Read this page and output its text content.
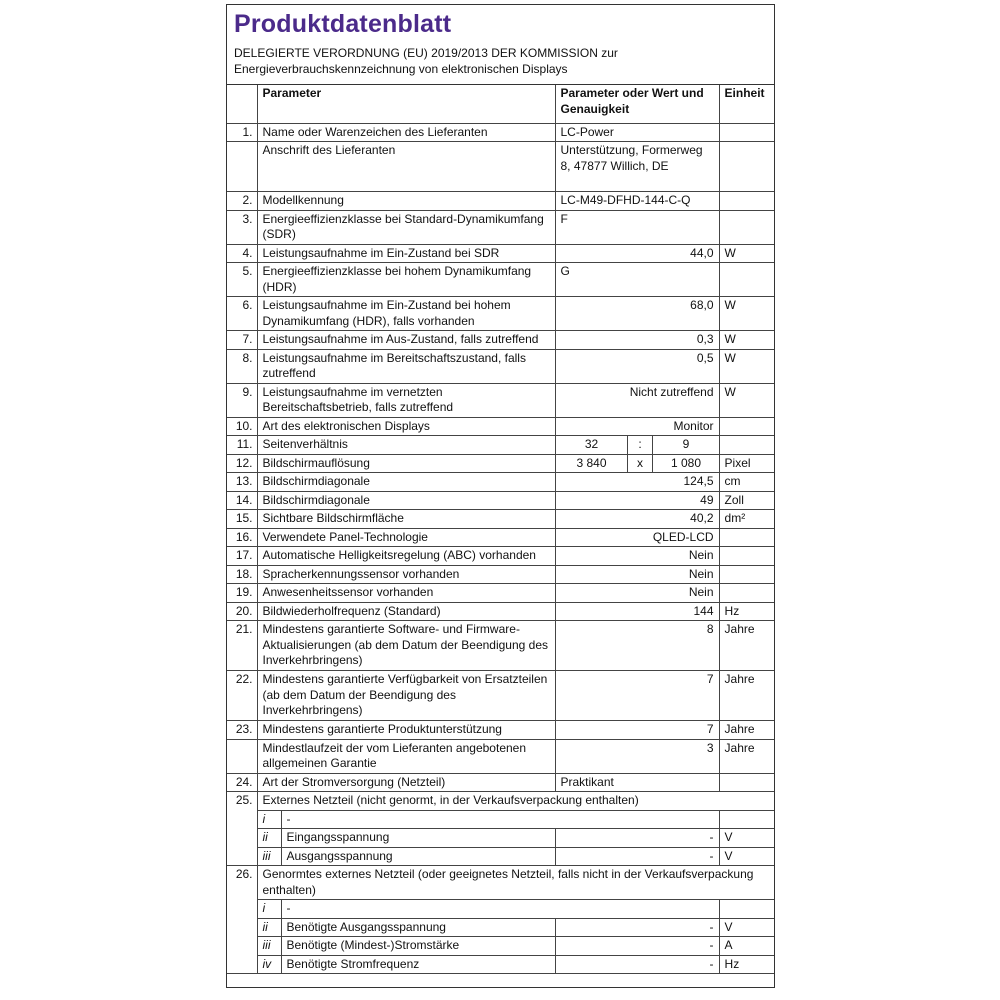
Produktdatenblatt
DELEGIERTE VERORDNUNG (EU) 2019/2013 DER KOMMISSION zur
Energieverbrauchskennzeichnung von elektronischen Displays
	Parameter		Parameter oder Wert und Genauigkeit			Einheit
1.	Name oder Warenzeichen des Lieferanten		LC-Power			
	Anschrift des Lieferanten		Unterstützung, Formerweg 8, 47877 Willich, DE			
2.	Modellkennung		LC-M49-DFHD-144-C-Q			
3.	Energieeffizienzklasse bei Standard-Dynamikumfang (SDR)		F			
4.	Leistungsaufnahme im Ein-Zustand bei SDR		44,0			W
5.	Energieeffizienzklasse bei hohem Dynamikumfang (HDR)		G			
6.	Leistungsaufnahme im Ein-Zustand bei hohem Dynamikumfang (HDR), falls vorhanden		68,0			W
7.	Leistungsaufnahme im Aus-Zustand, falls zutreffend		0,3			W
8.	Leistungsaufnahme im Bereitschaftszustand, falls zutreffend		0,5			W
9.	Leistungsaufnahme im vernetzten Bereitschaftsbetrieb, falls zutreffend		Nicht zutreffend			W
10.	Art des elektronischen Displays		Monitor			
11.	Seitenverhältnis		32	:	9	
12.	Bildschirmauflösung		3 840	x	1 080	Pixel
13.	Bildschirmdiagonale		124,5			cm
14.	Bildschirmdiagonale		49			Zoll
15.	Sichtbare Bildschirmfläche		40,2			dm²
16.	Verwendete Panel-Technologie		QLED-LCD			
17.	Automatische Helligkeitsregelung (ABC) vorhanden		Nein			
18.	Spracherkennungssensor vorhanden		Nein			
19.	Anwesenheitssensor vorhanden		Nein			
20.	Bildwiederholfrequenz (Standard)		144			Hz
21.	Mindestens garantierte Software- und Firmware-Aktualisierungen (ab dem Datum der Beendigung des Inverkehrbringens)		8			Jahre
22.	Mindestens garantierte Verfügbarkeit von Ersatzteilen (ab dem Datum der Beendigung des Inverkehrbringens)		7			Jahre
23.	Mindestens garantierte Produktunterstützung		7			Jahre
	Mindestlaufzeit der vom Lieferanten angebotenen allgemeinen Garantie		3			Jahre
24.	Art der Stromversorgung (Netzteil)		Praktikant			
25.	Externes Netzteil (nicht genormt, in der Verkaufsverpackung enthalten)					
	i	-				
	ii	Eingangsspannung	-			V
	iii	Ausgangsspannung	-			V
26.	Genormtes externes Netzteil (oder geeignetes Netzteil, falls nicht in der Verkaufsverpackung enthalten)					
	i	-				
	ii	Benötigte Ausgangsspannung	-			V
	iii	Benötigte (Mindest-)Stromstärke	-			A
	iv	Benötigte Stromfrequenz	-			Hz
